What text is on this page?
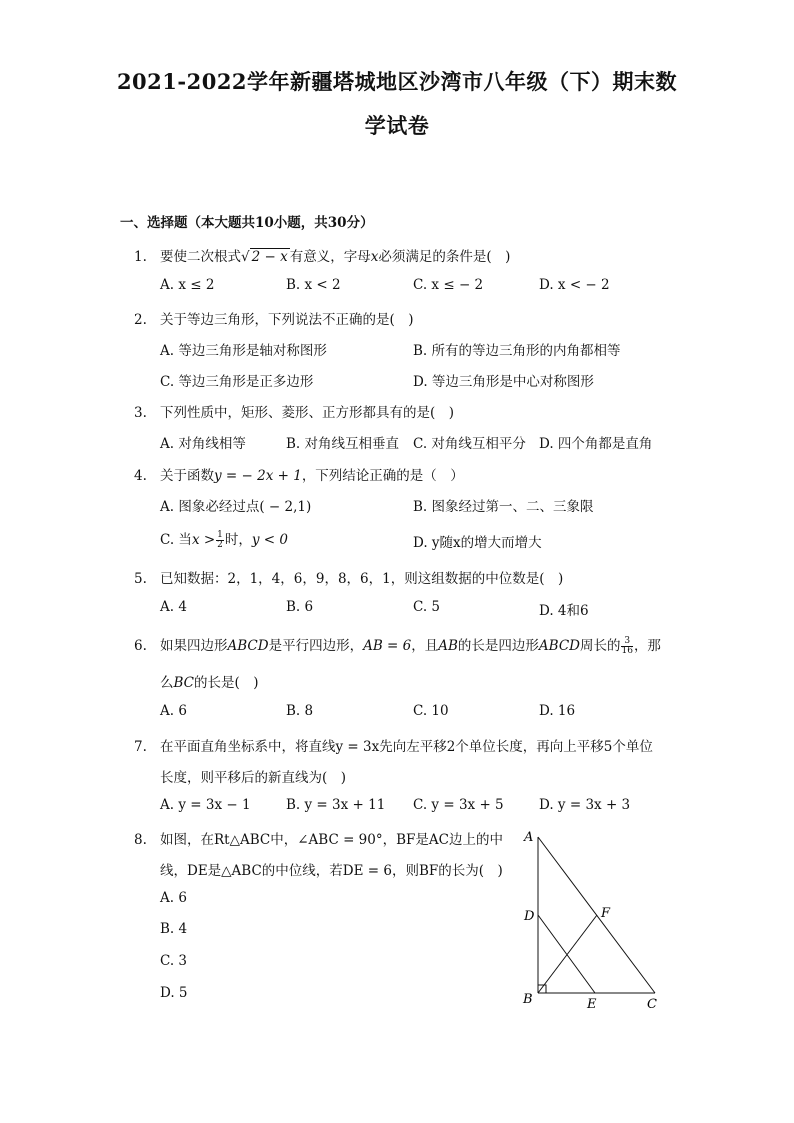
2021-2022学年新疆塔城地区沙湾市八年级（下）期末数
学试卷
一、选择题（本大题共10小题，共30分）
1. 要使二次根式√ 2 − x 有意义，字母x必须满足的条件是(　)
A. x ≤ 2	B. x < 2	C. x ≤ − 2	D. x < − 2
2. 关于等边三角形，下列说法不正确的是(　)
A. 等边三角形是轴对称图形	B. 所有的等边三角形的内角都相等
C. 等边三角形是正多边形	D. 等边三角形是中心对称图形
3. 下列性质中，矩形、菱形、正方形都具有的是(　)
A. 对角线相等	B. 对角线互相垂直 C. 对角线互相平分 D. 四个角都是直角
4. 关于函数y = − 2x + 1，下列结论正确的是（　）
A. 图象必经过点( − 2,1)	B. 图象经过第一、二、三象限
C. 当$x > \frac{1}{2}$ 时，y < 0	D. y随x的增大而增大
5. 已知数据：2，1，4，6，9，8，6，1，则这组数据的中位数是(　)
A. 4	B. 6	C. 5	D. 4和6
6. 如果四边形ABCD是平行四边形，AB = 6，且AB的长是四边形ABCD周长的 $\frac{3}{16}$ ，那
么BC的长是(　)
A. 6	B. 8	C. 10	D. 16
7. 在平面直角坐标系中，将直线y = 3x先向左平移2个单位长度，再向上平移5个单位
长度，则平移后的新直线为(　)
A. y = 3x − 1	B. y = 3x + 11 C. y = 3x + 5	D. y = 3x + 3
8. 如图，在Rt△ABC中，∠ABC = 90°，BF是AC边上的中
线，DE是△ABC的中位线，若DE = 6，则BF的长为(　)
A. 6
B. 4
C. 3
D. 5
A
D	F
B	E	C
